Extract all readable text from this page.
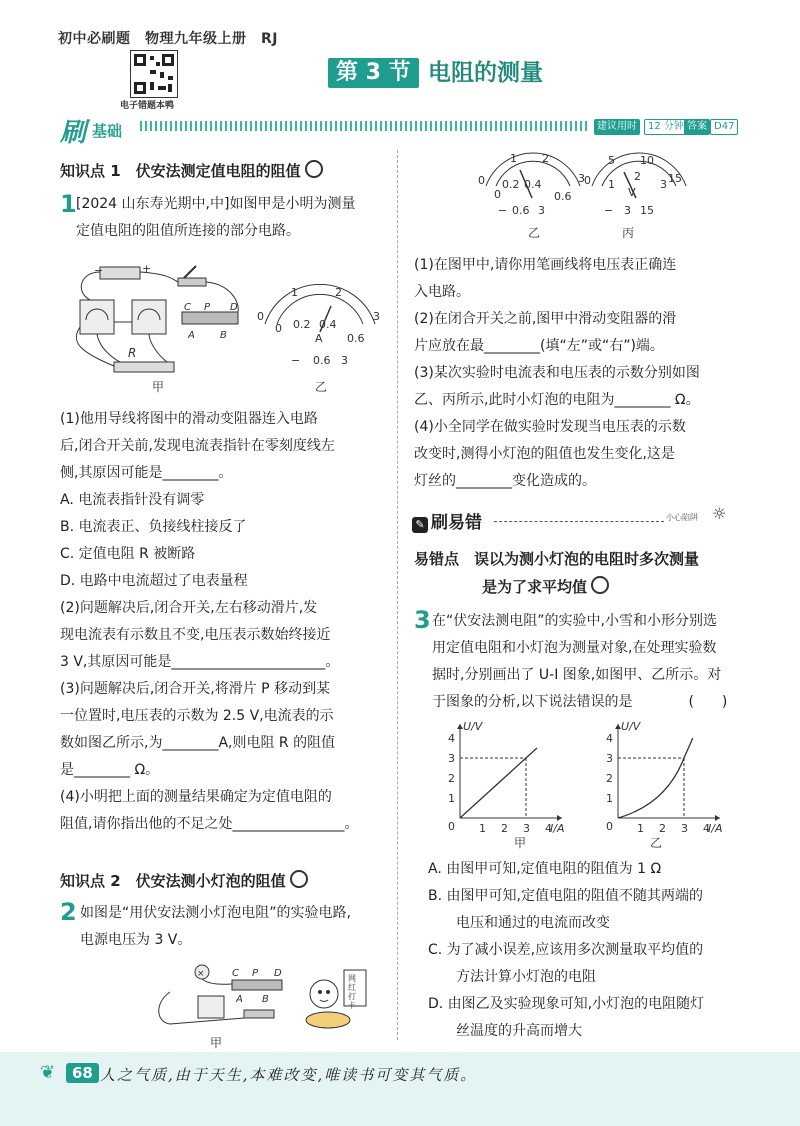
初中必刷题　物理九年级上册　RJ
电子错题本鸭
第 3 节 电阻的测量
刷 基础	建议用时	12 分钟 答案 D47
知识点 1　伏安法测定值电阻的阻值
1 [2024 山东寿光期中,中]如图甲是小明为测量
定值电阻的阻值所连接的部分电路。
−	+
R
C P D
A	B
甲
0
1	2
3
0 0.2 0.4
0.6
A
− 0.6 3
乙
(1)他用导线将图中的滑动变阻器连入电路
后,闭合开关前,发现电流表指针在零刻度线左
侧,其原因可能是________。
A. 电流表指针没有调零
B. 电流表正、负接线柱接反了
C. 定值电阻 R 被断路
D. 电路中电流超过了电表量程
(2)问题解决后,闭合开关,左右移动滑片,发
现电流表有示数且不变,电压表示数始终接近
3 V,其原因可能是______________________。
(3)问题解决后,闭合开关,将滑片 P 移动到某
一位置时,电压表的示数为 2.5 V,电流表的示
数如图乙所示,为________A,则电阻 R 的阻值
是________ Ω。
(4)小明把上面的测量结果确定为定值电阻的
阻值,请你指出他的不足之处________________。
知识点 2　伏安法测小灯泡的阻值
2 如图是“用伏安法测小灯泡电阻”的实验电路,
电源电压为 3 V。
×	C P D
A B
甲
网红打卡
0
1 2
3
0.2 0.4
0	0.6
− 0.6 3
乙
0
5 10
15
1
2
3
V
− 3 15
丙
(1)在图甲中,请你用笔画线将电压表正确连
入电路。
(2)在闭合开关之前,图甲中滑动变阻器的滑
片应放在最________(填“左”或“右”)端。
(3)某次实验时电流表和电压表的示数分别如图
乙、丙所示,此时小灯泡的电阻为________ Ω。
(4)小全同学在做实验时发现当电压表的示数
改变时,测得小灯泡的阻值也发生变化,这是
灯丝的________变化造成的。
✎ 刷易错	小心陷阱 ☼
易错点　误以为测小灯泡的电阻时多次测量
是为了求平均值
3 在“伏安法测电阻”的实验中,小雪和小形分别选
用定值电阻和小灯泡为测量对象,在处理实验数
据时,分别画出了 U-I 图象,如图甲、乙所示。对
于图象的分析,以下说法错误的是　　　　(　　)
0 1 2 3 4
1
2
3
4
U/V
I/A	0 1 2 3 4
1
2
3
4
U/V
I/A
甲	乙
A. 由图甲可知,定值电阻的阻值为 1 Ω
B. 由图甲可知,定值电阻的阻值不随其两端的
　　电压和通过的电流而改变
C. 为了减小误差,应该用多次测量取平均值的
　　方法计算小灯泡的电阻
D. 由图乙及实验现象可知,小灯泡的电阻随灯
　　丝温度的升高而增大
❦	68 人之气质,由于天生,本难改变,唯读书可变其气质。
